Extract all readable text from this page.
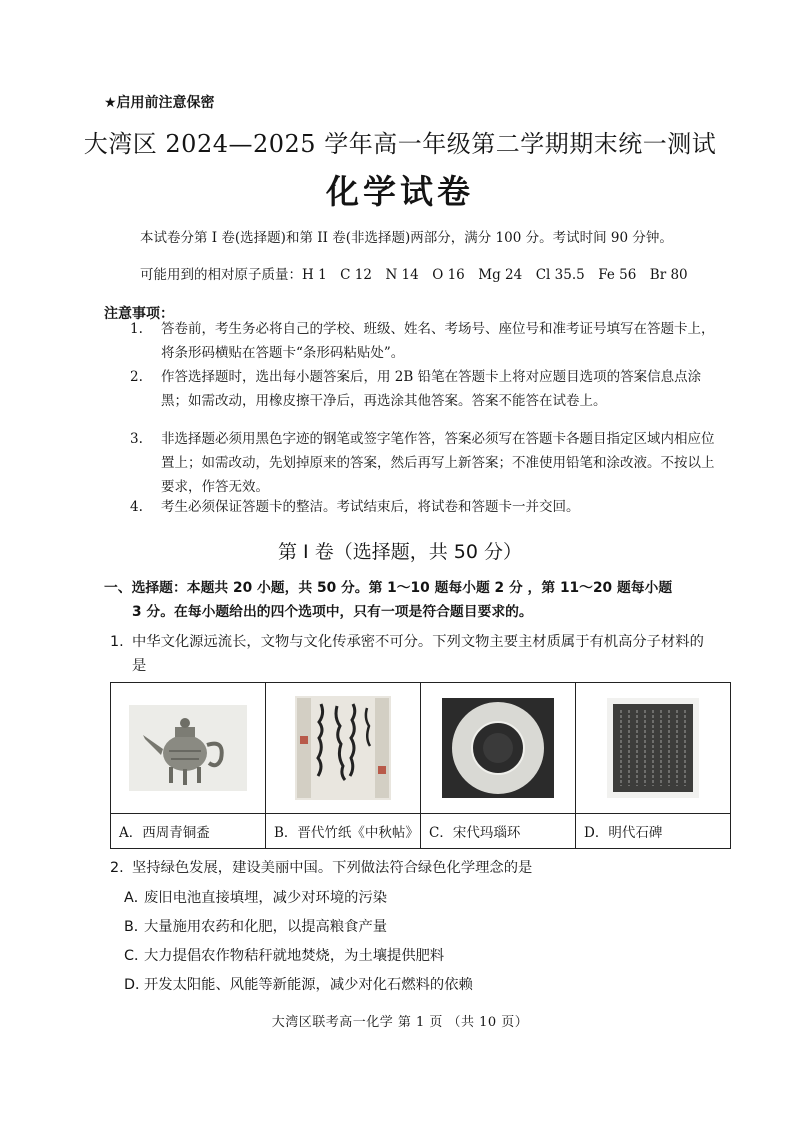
★启用前注意保密
大湾区 2024—2025 学年高一年级第二学期期末统一测试
化学试卷
本试卷分第 I 卷(选择题)和第 II 卷(非选择题)两部分，满分 100 分。考试时间 90 分钟。
可能用到的相对原子质量：H 1　C 12　N 14　O 16　Mg 24　Cl 35.5　Fe 56　Br 80
注意事项：
1. 答卷前，考生务必将自己的学校、班级、姓名、考场号、座位号和准考证号填写在答题卡上，将条形码横贴在答题卡“条形码粘贴处”。
2. 作答选择题时，选出每小题答案后，用 2B 铅笔在答题卡上将对应题目选项的答案信息点涂黑；如需改动，用橡皮擦干净后，再选涂其他答案。答案不能答在试卷上。
3. 非选择题必须用黑色字迹的钢笔或签字笔作答，答案必须写在答题卡各题目指定区域内相应位置上；如需改动，先划掉原来的答案，然后再写上新答案；不准使用铅笔和涂改液。不按以上要求，作答无效。
4. 考生必须保证答题卡的整洁。考试结束后，将试卷和答题卡一并交回。
第 I 卷（选择题，共 50 分）
一、选择题：本题共 20 小题，共 50 分。第 1～10 题每小题 2 分 ，第 11～20 题每小题
3 分。在每小题给出的四个选项中，只有一项是符合题目要求的。
1. 中华文化源远流长，文物与文化传承密不可分。下列文物主要主材质属于有机高分子材料的是

A．西周青铜盉	B．晋代竹纸《中秋帖》	C．宋代玛瑙环	D．明代石碑
2. 坚持绿色发展，建设美丽中国。下列做法符合绿色化学理念的是
A．废旧电池直接填埋，减少对环境的污染
B．大量施用农药和化肥，以提高粮食产量
C．大力提倡农作物秸秆就地焚烧，为土壤提供肥料
D．开发太阳能、风能等新能源，减少对化石燃料的依赖
大湾区联考高一化学 第 1 页 （共 10 页）
